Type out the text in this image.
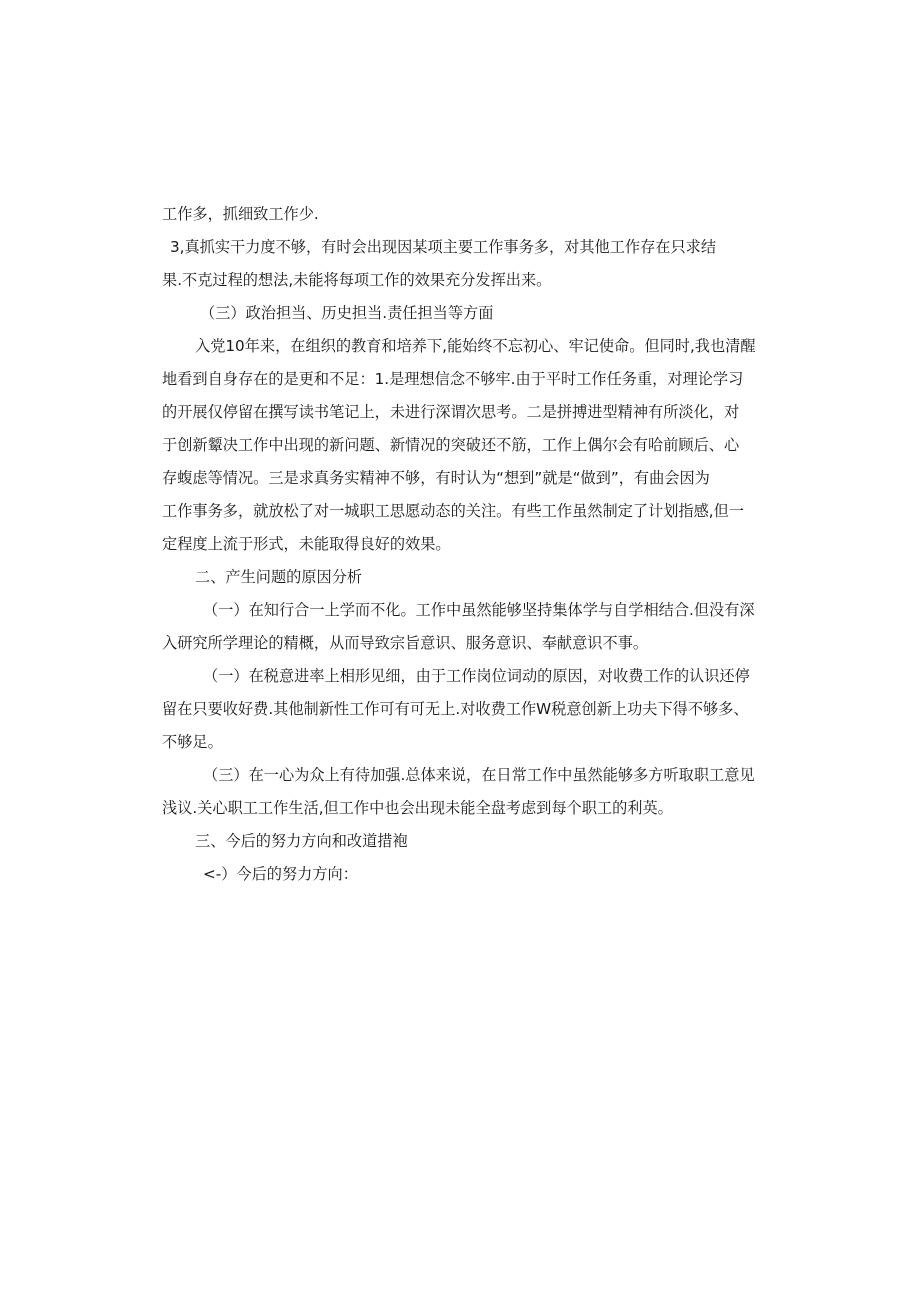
工作多，抓细致工作少.
3,真抓实干力度不够，有时会出现因某项主要工作事务多，对其他工作存在只求结
果.不克过程的想法,未能将每项工作的效果充分发挥出来。
（三）政治担当、历史担当.责任担当等方面
入党10年来，在组织的教育和培养下,能始终不忘初心、牢记使命。但同时,我也清醒
地看到自身存在的是更和不足：1.是理想信念不够牢.由于平时工作任务重，对理论学习
的开展仅停留在撰写读书笔记上，未进行深谓次思考。二是拼搏进型精神有所淡化，对
于创新颦决工作中出现的新问题、新情况的突破还不筋，工作上偶尔会有哈前顾后、心
存蝮虑等情况。三是求真务实精神不够，有时认为“想到”就是“做到”，有曲会因为
工作事务多，就放松了对一城职工思愿动态的关注。有些工作虽然制定了计划指感,但一
定程度上流于形式，未能取得良好的效果。
二、产生问题的原因分析
（一）在知行合一上学而不化。工作中虽然能够坚持集体学与自学相结合.但没有深
入研究所学理论的精概，从而导致宗旨意识、服务意识、奉献意识不事。
（一）在税意进率上相形见细，由于工作岗位词动的原因，对收费工作的认识还停
留在只要收好费.其他制新性工作可有可无上.对收费工作W税意创新上功夫下得不够多、
不够足。
（三）在一心为众上有待加强.总体来说，在日常工作中虽然能够多方听取职工意见
浅议.关心职工工作生活,但工作中也会出现未能全盘考虑到每个职工的利英。
三、今后的努力方向和改道措袍
<-）今后的努力方向：
